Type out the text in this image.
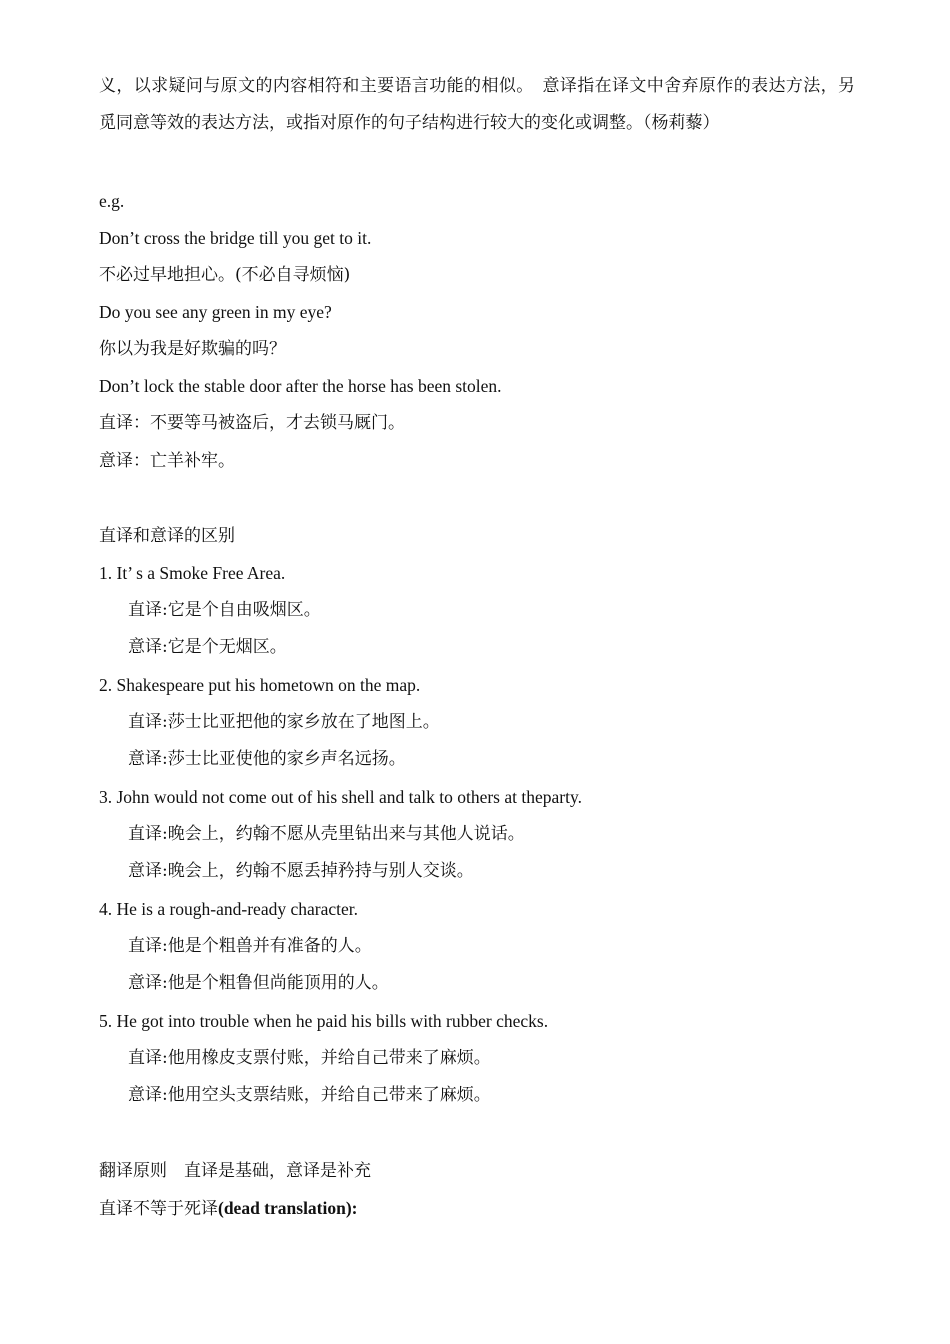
义，以求疑问与原文的内容相符和主要语言功能的相似。　意译指在译文中舍弃原作的表达方法，另觅同意等效的表达方法，或指对原作的句子结构进行较大的变化或调整。（杨莉藜）
e.g.
Don’t cross the bridge till you get to it.
不必过早地担心。(不必自寻烦恼)
Do you see any green in my eye?
你以为我是好欺骗的吗？
Don’t lock the stable door after the horse has been stolen.
直译：不要等马被盗后，才去锁马厩门。
意译：亡羊补牢。
直译和意译的区别
1. It’ s a Smoke Free Area.
直译:它是个自由吸烟区。
意译:它是个无烟区。
2. Shakespeare put his hometown on the map.
直译:莎士比亚把他的家乡放在了地图上。
意译:莎士比亚使他的家乡声名远扬。
3. John would not come out of his shell and talk to others at theparty.
直译:晚会上，约翰不愿从壳里钻出来与其他人说话。
意译:晚会上，约翰不愿丢掉矜持与别人交谈。
4. He is a rough-and-ready character.
直译:他是个粗兽并有准备的人。
意译:他是个粗鲁但尚能顶用的人。
5. He got into trouble when he paid his bills with rubber checks.
直译:他用橡皮支票付账，并给自己带来了麻烦。
意译:他用空头支票结账，并给自己带来了麻烦。
翻译原则　直译是基础，意译是补充
直译不等于死译(dead translation):
